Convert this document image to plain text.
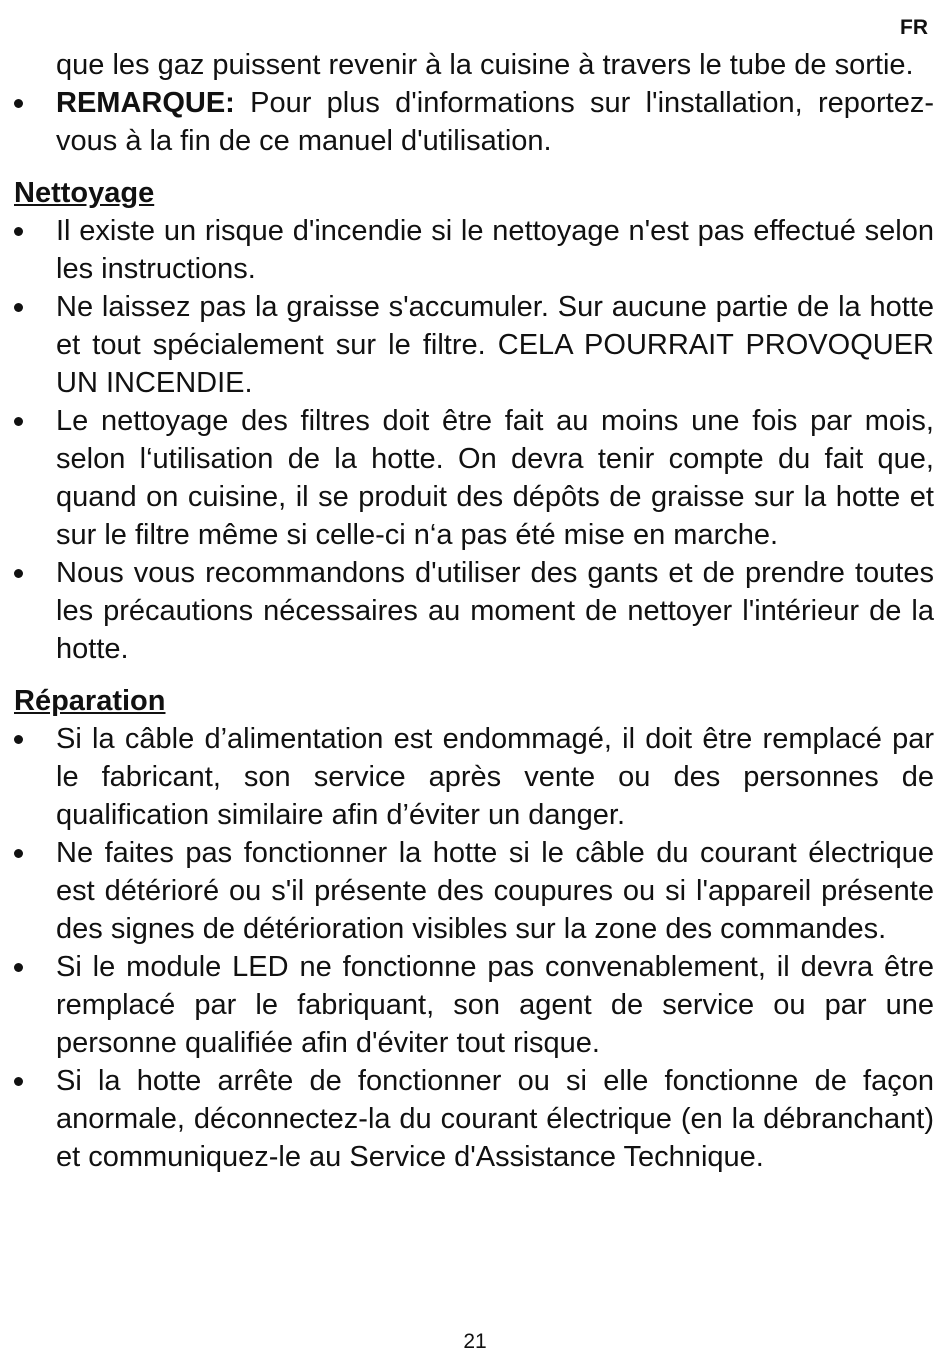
FR

que les gaz puissent revenir à la cuisine à travers le tube de sortie.

REMARQUE: Pour plus d'informations sur l'installation, reportez-vous à la fin de ce manuel d'utilisation.
Nettoyage
Il existe un risque d'incendie si le nettoyage n'est pas effectué selon les instructions.
Ne laissez pas la graisse s'accumuler. Sur aucune partie de la hotte et tout spécialement sur le filtre. CELA POURRAIT PROVOQUER UN INCENDIE.
Le nettoyage des filtres doit être fait au moins une fois par mois, selon l‘utilisation de la hotte. On devra tenir compte du fait que, quand on cuisine, il se produit des dépôts de graisse sur la hotte et sur le filtre même si celle-ci n‘a pas été mise en marche.
Nous vous recommandons d'utiliser des gants et de prendre toutes les précautions nécessaires au moment de nettoyer l'intérieur de la hotte.
Réparation
Si la câble d’alimentation est endommagé, il doit être remplacé par le fabricant, son service après vente ou des personnes de qualification similaire afin d’éviter un danger.
Ne faites pas fonctionner la hotte si le câble du courant électrique est détérioré ou s'il présente des coupures ou si l'appareil présente des signes de détérioration visibles sur la zone des commandes.
Si le module LED ne fonctionne pas convenablement, il devra être remplacé par le fabriquant, son agent de service ou par une personne qualifiée afin d'éviter tout risque.
Si la hotte arrête de fonctionner ou si elle fonctionne de façon anormale, déconnectez-la du courant électrique (en la débranchant) et communiquez-le au Service d'Assistance Technique.
21
